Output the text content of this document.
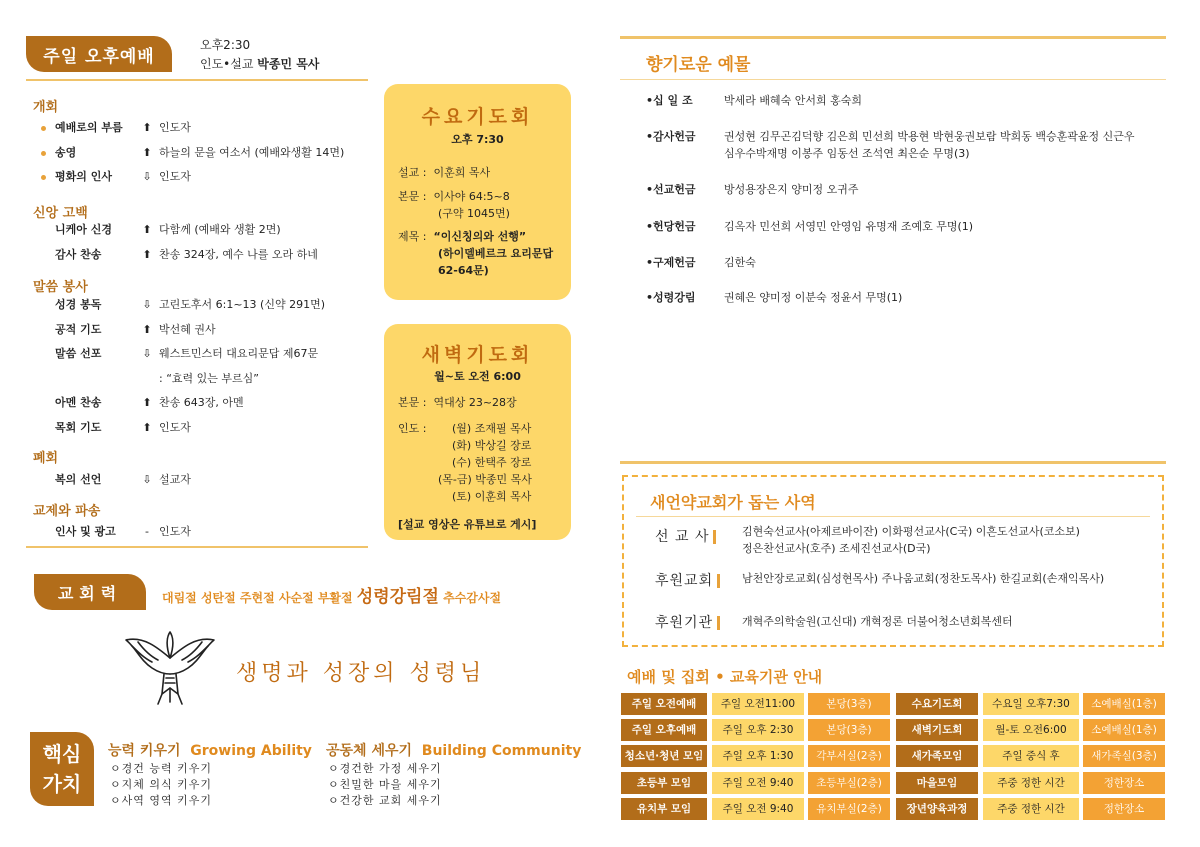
주일 오후예배
오후2:30
인도•설교 박종민 목사
개회
예배로의 부름 ⬆ 인도자
송영	⬆ 하늘의 문을 여소서 (예배와생활 14면)
평화의 인사	⇩ 인도자
신앙 고백
니케아 신경	⬆ 다함께 (예배와 생활 2면)
감사 찬송	⬆ 찬송 324장, 예수 나를 오라 하네
말씀 봉사
성경 봉독	⇩ 고린도후서 6:1~13 (신약 291면)
공적 기도	⬆ 박선혜 권사
말씀 선포	⇩ 웨스트민스터 대요리문답 제67문
: “효력 있는 부르심”
아멘 찬송	⬆ 찬송 643장, 아멘
목회 기도	⬆ 인도자
폐회
복의 선언	⇩ 설교자
교제와 파송
인사 및 광고	- 인도자
수요기도회
오후 7:30
설교 : 이훈희 목사
본문 : 이사야 64:5~8
(구약 1045면)
제목 : “이신칭의와 선행”
(하이델베르크 요리문답
62-64문)
새벽기도회
월~토 오전 6:00
본문 : 역대상 23~28장
인도 : (월) 조재필 목사
(화) 박상길 장로
(수) 한택주 장로
(목-금) 박종민 목사
(토) 이훈희 목사
[설교 영상은 유튜브로 게시]
교회력	대림절 성탄절 주현절 사순절 부활절 성령강림절 추수감사절
생명과 성장의 성령님
핵심
가치
능력 키우기 Growing Ability
ㅇ경건 능력 키우기
ㅇ지체 의식 키우기
ㅇ사역 영역 키우기
공동체 세우기 Building Community
ㅇ경건한 가정 세우기
ㅇ친밀한 마을 세우기
ㅇ건강한 교회 세우기
향기로운 예물
•십 일 조	박세라 배혜숙 안서희 홍숙희
•감사헌금	권성현 김무곤김덕향 김은희 민선희 박용현 박현웅권보람 박희동 백승훈곽윤정 신근우 심우수박재명 이봉주 임동선 조석연 최은순 무명(3)
•선교헌금	방성용장은지 양미정 오귀주
•헌당헌금	김옥자 민선희 서영민 안영임 유명재 조예호 무명(1)
•구제헌금	김한숙
•성령강림	권혜은 양미정 이분숙 정윤서 무명(1)
새언약교회가 돕는 사역
선 교 사	김현숙선교사(아제르바이잔) 이화평선교사(C국) 이흔도선교사(코소보)
정은찬선교사(호주) 조세진선교사(D국)
후원교회	남천안장로교회(심성현목사) 주나움교회(정찬도목사) 한길교회(손재익목사)
후원기관	개혁주의학술원(고신대) 개혁정론 더불어청소년회복센터
예배 및 집회 • 교육기관 안내
주일 오전예배	주일 오전11:00	본당(3층)
주일 오후예배	주일 오후 2:30	본당(3층)
청소년·청년 모임	주일 오후 1:30	각부서실(2층)
초등부 모임	주일 오전 9:40	초등부실(2층)
유치부 모임	주일 오전 9:40	유치부실(2층)
수요기도회	수요일 오후7:30	소예배실(1층)
새벽기도회	월-토 오전6:00	소예배실(1층)
새가족모임	주일 중식 후	새가족실(3층)
마을모임	주중 정한 시간	정한장소
장년양육과정	주중 정한 시간	정한장소
